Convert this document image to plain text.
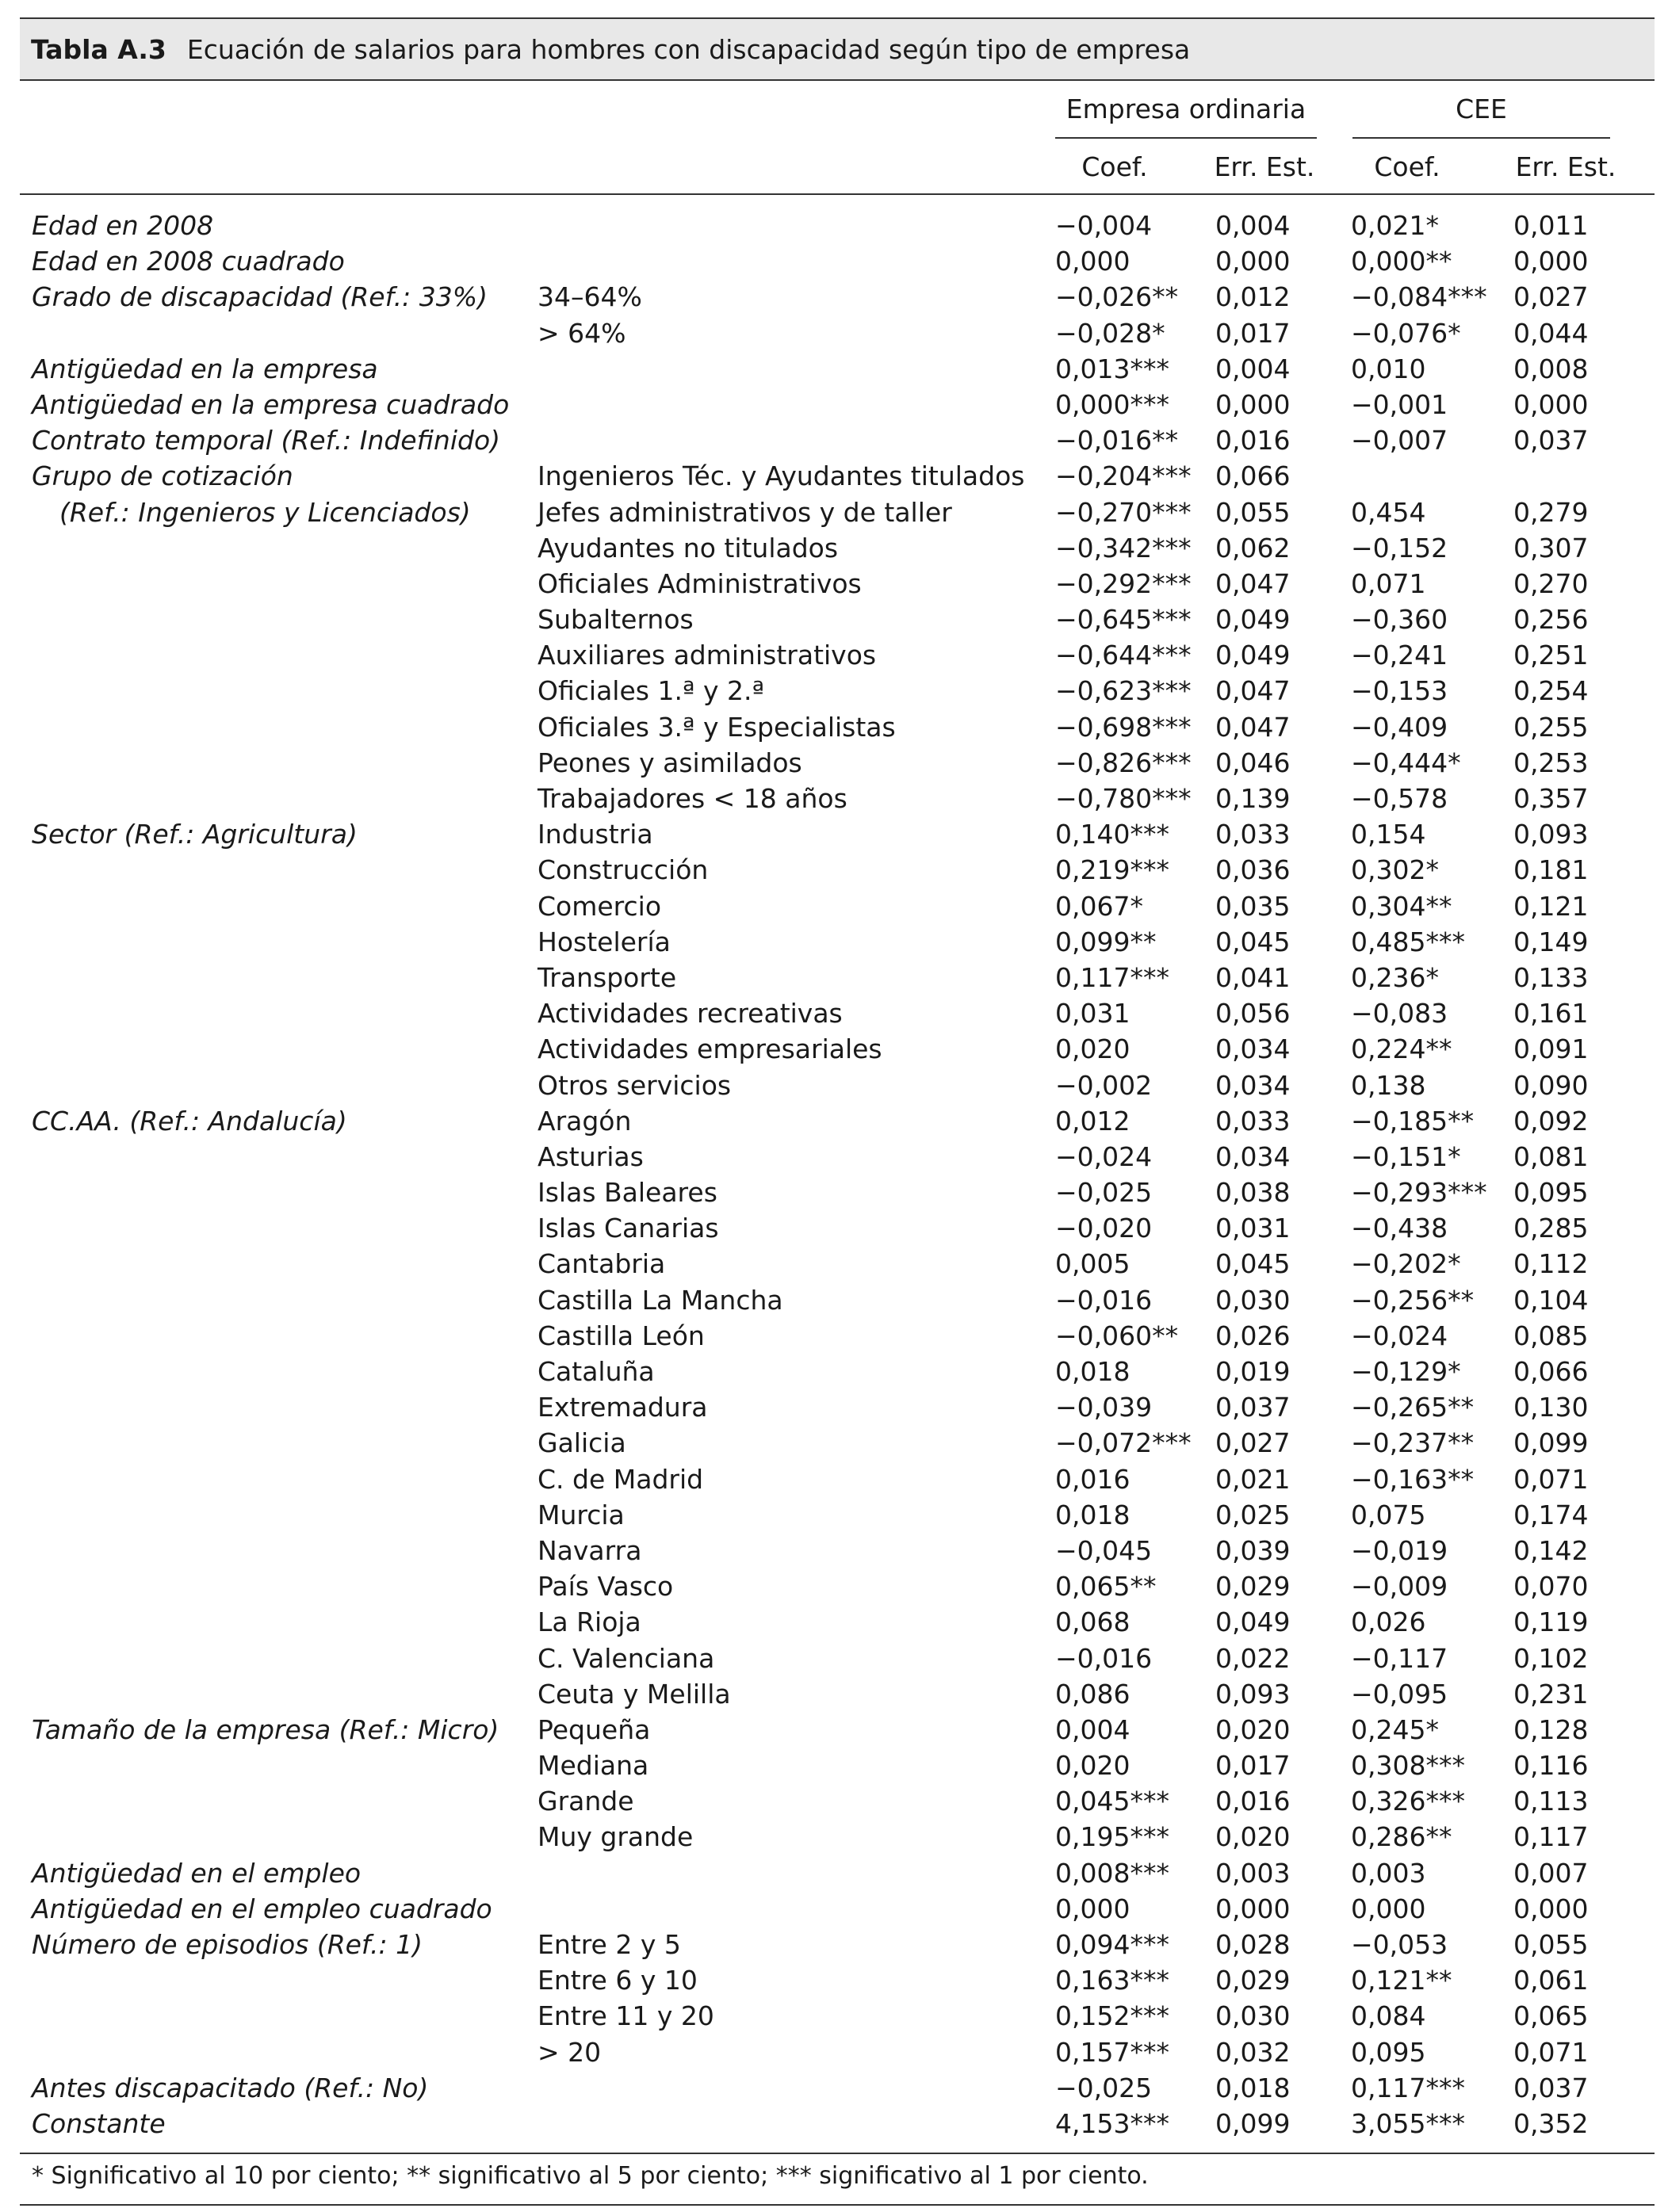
Tabla A.3 Ecuación de salarios para hombres con discapacidad según tipo de empresa
Empresa ordinaria	CEE
Coef.	Err. Est.	Coef.	Err. Est.
Edad en 2008	−0,004 0,004 0,021*	0,011
Edad en 2008 cuadrado	0,000	0,000 0,000** 0,000
Grado de discapacidad (Ref.: 33%) 34–64%	−0,026** 0,012 −0,084*** 0,027
> 64%	−0,028* 0,017 −0,076* 0,044
Antigüedad en la empresa	0,013*** 0,004 0,010	0,008
Antigüedad en la empresa cuadrado	0,000*** 0,000 −0,001	0,000
Contrato temporal (Ref.: Indefinido)	−0,016** 0,016 −0,007	0,037
Grupo de cotización	Ingenieros Téc. y Ayudantes titulados −0,204*** 0,066
(Ref.: Ingenieros y Licenciados)	Jefes administrativos y de taller	−0,270*** 0,055 0,454	0,279
Ayudantes no titulados	−0,342*** 0,062 −0,152	0,307
Oficiales Administrativos	−0,292*** 0,047 0,071	0,270
Subalternos	−0,645*** 0,049 −0,360	0,256
Auxiliares administrativos	−0,644*** 0,049 −0,241	0,251
Oficiales 1.ª y 2.ª	−0,623*** 0,047 −0,153	0,254
Oficiales 3.ª y Especialistas	−0,698*** 0,047 −0,409	0,255
Peones y asimilados	−0,826*** 0,046 −0,444* 0,253
Trabajadores < 18 años	−0,780*** 0,139 −0,578	0,357
Sector (Ref.: Agricultura)	Industria	0,140*** 0,033 0,154	0,093
Construcción	0,219*** 0,036 0,302*	0,181
Comercio	0,067*	0,035 0,304** 0,121
Hostelería	0,099** 0,045 0,485*** 0,149
Transporte	0,117*** 0,041 0,236*	0,133
Actividades recreativas	0,031	0,056 −0,083	0,161
Actividades empresariales	0,020	0,034 0,224** 0,091
Otros servicios	−0,002 0,034 0,138	0,090
CC.AA. (Ref.: Andalucía)	Aragón	0,012	0,033 −0,185** 0,092
Asturias	−0,024 0,034 −0,151* 0,081
Islas Baleares	−0,025 0,038 −0,293*** 0,095
Islas Canarias	−0,020 0,031 −0,438	0,285
Cantabria	0,005	0,045 −0,202* 0,112
Castilla La Mancha	−0,016 0,030 −0,256** 0,104
Castilla León	−0,060** 0,026 −0,024	0,085
Cataluña	0,018	0,019 −0,129* 0,066
Extremadura	−0,039 0,037 −0,265** 0,130
Galicia	−0,072*** 0,027 −0,237** 0,099
C. de Madrid	0,016	0,021 −0,163** 0,071
Murcia	0,018	0,025 0,075	0,174
Navarra	−0,045 0,039 −0,019	0,142
País Vasco	0,065** 0,029 −0,009	0,070
La Rioja	0,068	0,049 0,026	0,119
C. Valenciana	−0,016 0,022 −0,117	0,102
Ceuta y Melilla	0,086	0,093 −0,095	0,231
Tamaño de la empresa (Ref.: Micro) Pequeña	0,004	0,020 0,245*	0,128
Mediana	0,020	0,017 0,308*** 0,116
Grande	0,045*** 0,016 0,326*** 0,113
Muy grande	0,195*** 0,020 0,286** 0,117
Antigüedad en el empleo	0,008*** 0,003 0,003	0,007
Antigüedad en el empleo cuadrado	0,000	0,000 0,000	0,000
Número de episodios (Ref.: 1)	Entre 2 y 5	0,094*** 0,028 −0,053	0,055
Entre 6 y 10	0,163*** 0,029 0,121** 0,061
Entre 11 y 20	0,152*** 0,030 0,084	0,065
> 20	0,157*** 0,032 0,095	0,071
Antes discapacitado (Ref.: No)	−0,025 0,018 0,117*** 0,037
Constante	4,153*** 0,099 3,055*** 0,352
* Significativo al 10 por ciento; ** significativo al 5 por ciento; *** significativo al 1 por ciento.
